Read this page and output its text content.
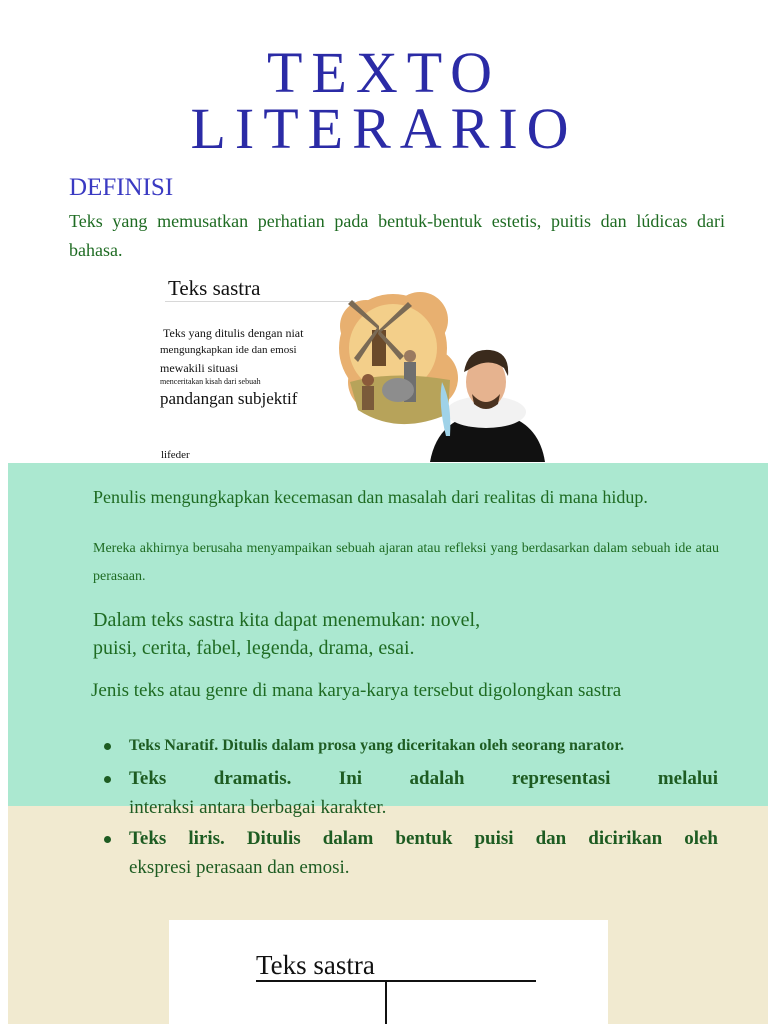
TEXTO
LITERARIO
DEFINISI

Teks yang memusatkan perhatian pada bentuk-bentuk estetis, puitis dan lúdicas dari bahasa.

Teks sastra
Teks yang ditulis dengan niat
mengungkapkan ide dan emosi
mewakili situasi
menceritakan kisah dari sebuah
pandangan subjektif
lifeder

Penulis mengungkapkan kecemasan dan masalah dari realitas di mana hidup.

Mereka akhirnya berusaha menyampaikan sebuah ajaran atau refleksi yang berdasarkan dalam sebuah ide atau perasaan.

Dalam teks sastra kita dapat menemukan: novel, puisi, cerita, fabel, legenda, drama, esai.

Jenis teks atau genre di mana karya-karya tersebut digolongkan sastra

Teks Naratif. Ditulis dalam prosa yang diceritakan oleh seorang narator.
Teks dramatis. Ini adalah representasi melalui
interaksi antara berbagai karakter.
Teks liris. Ditulis dalam bentuk puisi dan dicirikan oleh
ekspresi perasaan dan emosi.
Teks sastra
